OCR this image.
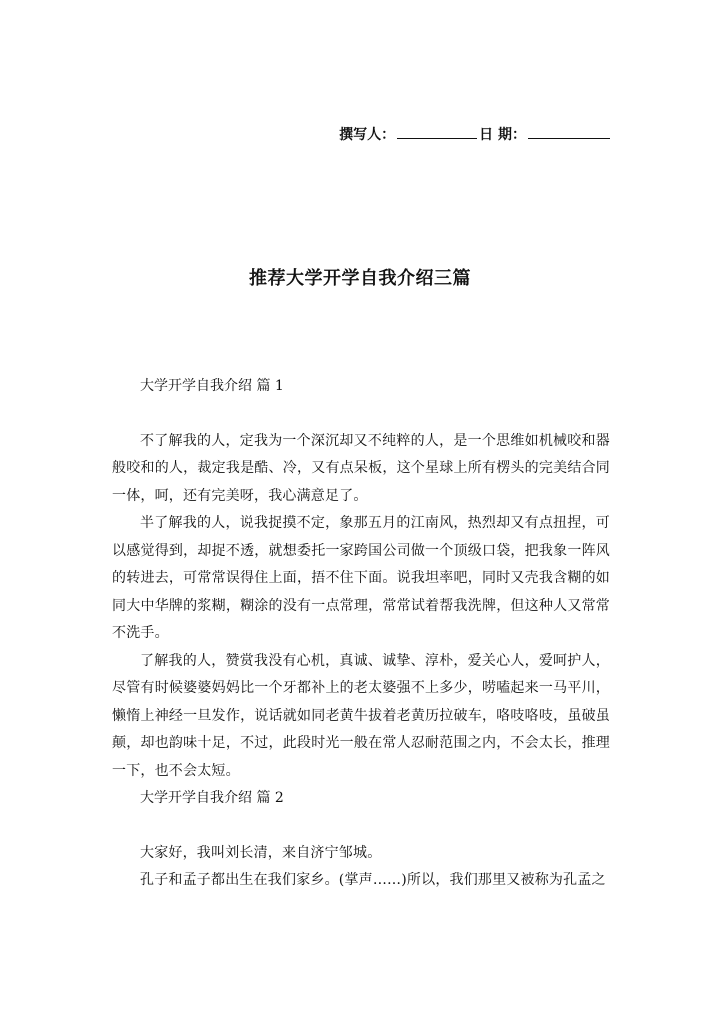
撰写人：	日 期：
推荐大学开学自我介绍三篇

大学开学自我介绍 篇 1

不了解我的人，定我为一个深沉却又不纯粹的人，是一个思维如机械咬和器般咬和的人，裁定我是酷、冷，又有点呆板，这个星球上所有楞头的完美结合同一体，呵，还有完美呀，我心满意足了。

半了解我的人，说我捉摸不定，象那五月的江南风，热烈却又有点扭捏，可以感觉得到，却捉不透，就想委托一家跨国公司做一个顶级口袋，把我象一阵风的转进去，可常常误得住上面，捂不住下面。说我坦率吧，同时又壳我含糊的如同大中华牌的浆糊，糊涂的没有一点常理，常常试着帮我洗牌，但这种人又常常不洗手。

了解我的人，赞赏我没有心机，真诚、诚挚、淳朴，爱关心人，爱呵护人，尽管有时候婆婆妈妈比一个牙都补上的老太婆强不上多少，唠嗑起来一马平川，懒惰上神经一旦发作，说话就如同老黄牛拔着老黄历拉破车，咯吱咯吱，虽破虽颠，却也韵味十足，不过，此段时光一般在常人忍耐范围之内，不会太长，推理一下，也不会太短。

大学开学自我介绍 篇 2

大家好，我叫刘长清，来自济宁邹城。

孔子和孟子都出生在我们家乡。(掌声……)所以，我们那里又被称为孔孟之
